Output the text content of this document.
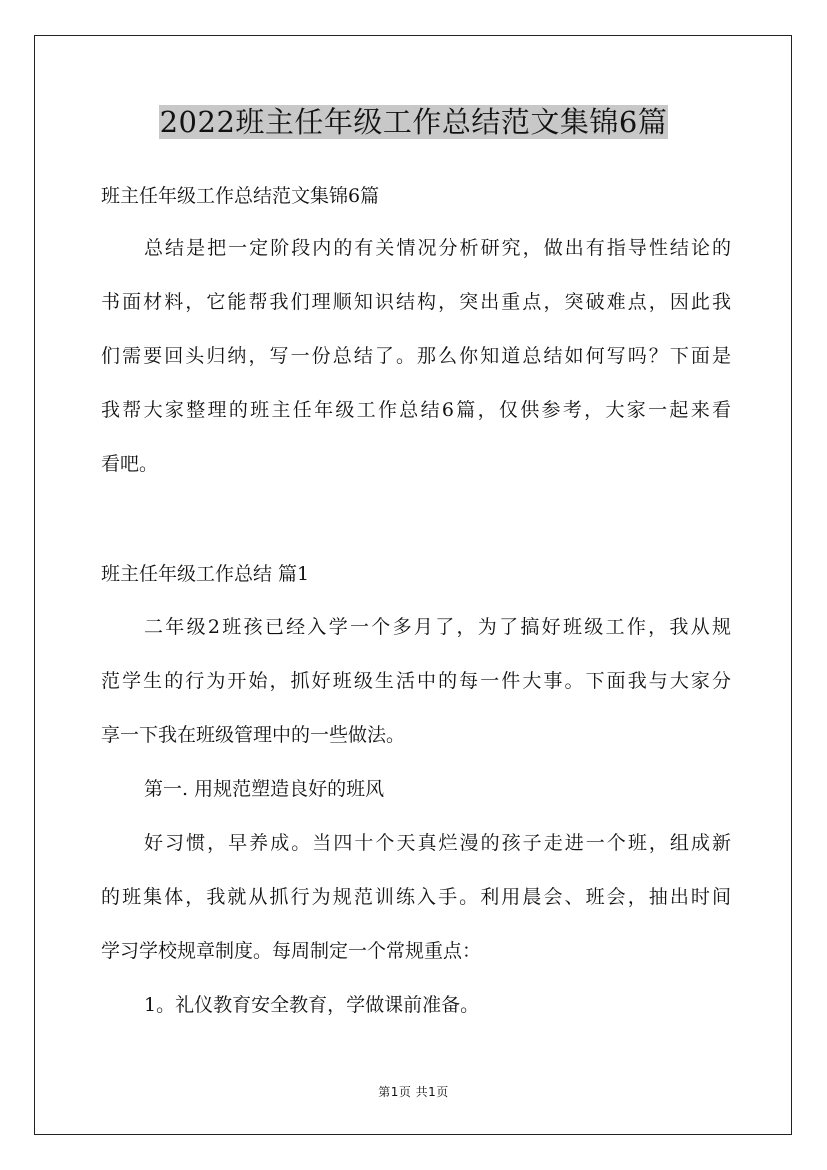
2022班主任年级工作总结范文集锦6篇

班主任年级工作总结范文集锦6篇

总结是把一定阶段内的有关情况分析研究，做出有指导性结论的

书面材料，它能帮我们理顺知识结构，突出重点，突破难点，因此我

们需要回头归纳，写一份总结了。那么你知道总结如何写吗？下面是

我帮大家整理的班主任年级工作总结6篇，仅供参考，大家一起来看

看吧。

班主任年级工作总结 篇1

二年级2班孩已经入学一个多月了，为了搞好班级工作，我从规

范学生的行为开始，抓好班级生活中的每一件大事。下面我与大家分

享一下我在班级管理中的一些做法。

第一. 用规范塑造良好的班风

好习惯，早养成。当四十个天真烂漫的孩子走进一个班，组成新

的班集体，我就从抓行为规范训练入手。利用晨会、班会，抽出时间

学习学校规章制度。每周制定一个常规重点：

1。礼仪教育安全教育，学做课前准备。

第1页 共1页
